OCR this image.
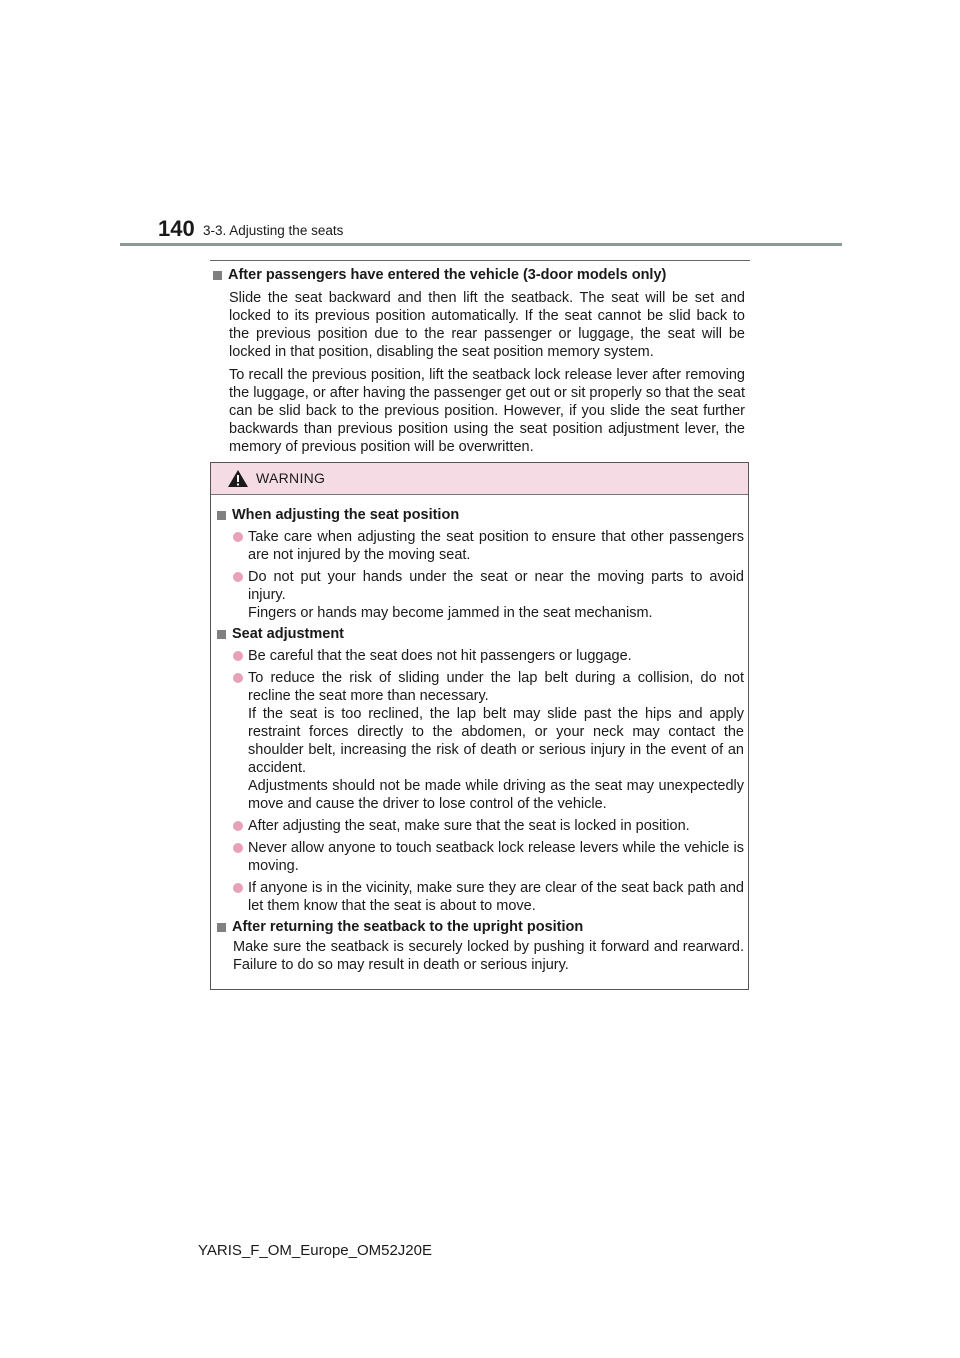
140 3-3. Adjusting the seats

After passengers have entered the vehicle (3-door models only)

Slide the seat backward and then lift the seatback. The seat will be set and locked to its previous position automatically. If the seat cannot be slid back to the previous position due to the rear passenger or luggage, the seat will be locked in that position, disabling the seat position memory system.

To recall the previous position, lift the seatback lock release lever after removing the luggage, or after having the passenger get out or sit properly so that the seat can be slid back to the previous position. However, if you slide the seat further backwards than previous position using the seat position adjustment lever, the memory of previous position will be overwritten.

WARNING

When adjusting the seat position

Take care when adjusting the seat position to ensure that other passengers are not injured by the moving seat.
Do not put your hands under the seat or near the moving parts to avoid injury.
Fingers or hands may become jammed in the seat mechanism.

Seat adjustment

Be careful that the seat does not hit passengers or luggage.
To reduce the risk of sliding under the lap belt during a collision, do not recline the seat more than necessary.
If the seat is too reclined, the lap belt may slide past the hips and apply restraint forces directly to the abdomen, or your neck may contact the shoulder belt, increasing the risk of death or serious injury in the event of an accident.
Adjustments should not be made while driving as the seat may unexpectedly move and cause the driver to lose control of the vehicle.
After adjusting the seat, make sure that the seat is locked in position.
Never allow anyone to touch seatback lock release levers while the vehicle is moving.
If anyone is in the vicinity, make sure they are clear of the seat back path and let them know that the seat is about to move.

After returning the seatback to the upright position

Make sure the seatback is securely locked by pushing it forward and rearward. Failure to do so may result in death or serious injury.

YARIS_F_OM_Europe_OM52J20E
